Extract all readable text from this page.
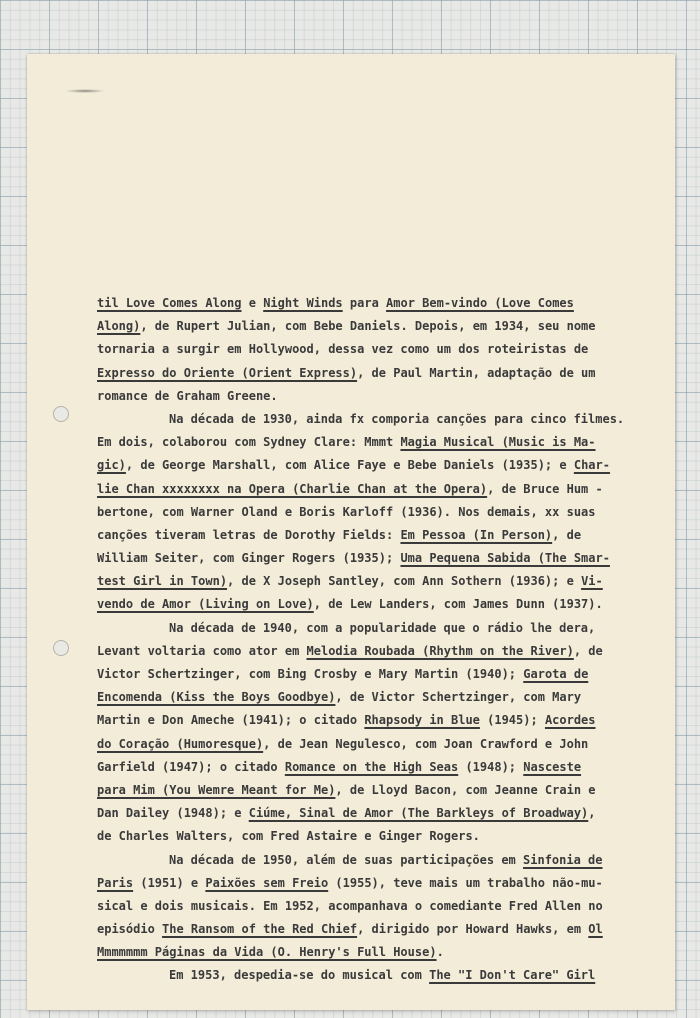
til Love Comes Along e Night Winds para Amor Bem-vindo (Love Comes
Along), de Rupert Julian, com Bebe Daniels. Depois, em 1934, seu nome
tornaria a surgir em Hollywood, dessa vez como um dos roteiristas de
Expresso do Oriente (Orient Express), de Paul Martin, adaptação de um
romance de Graham Greene.
Na década de 1930, ainda fx comporia canções para cinco filmes.
Em dois, colaborou com Sydney Clare: Mmmt Magia Musical (Music is Ma-
gic), de George Marshall, com Alice Faye e Bebe Daniels (1935); e Char-
lie Chan xxxxxxxx na Opera (Charlie Chan at the Opera), de Bruce Hum -
bertone, com Warner Oland e Boris Karloff (1936). Nos demais, xx suas
canções tiveram letras de Dorothy Fields: Em Pessoa (In Person), de
William Seiter, com Ginger Rogers (1935); Uma Pequena Sabida (The Smar-
test Girl in Town), de X Joseph Santley, com Ann Sothern (1936); e Vi-
vendo de Amor (Living on Love), de Lew Landers, com James Dunn (1937).
Na década de 1940, com a popularidade que o rádio lhe dera,
Levant voltaria como ator em Melodia Roubada (Rhythm on the River), de
Victor Schertzinger, com Bing Crosby e Mary Martin (1940); Garota de
Encomenda (Kiss the Boys Goodbye), de Victor Schertzinger, com Mary
Martin e Don Ameche (1941); o citado Rhapsody in Blue (1945); Acordes
do Coração (Humoresque), de Jean Negulesco, com Joan Crawford e John
Garfield (1947); o citado Romance on the High Seas (1948); Nasceste
para Mim (You Wemre Meant for Me), de Lloyd Bacon, com Jeanne Crain e
Dan Dailey (1948); e Ciúme, Sinal de Amor (The Barkleys of Broadway),
de Charles Walters, com Fred Astaire e Ginger Rogers.
Na década de 1950, além de suas participações em Sinfonia de
Paris (1951) e Paixões sem Freio (1955), teve mais um trabalho não-mu-
sical e dois musicais. Em 1952, acompanhava o comediante Fred Allen no
episódio The Ransom of the Red Chief, dirigido por Howard Hawks, em Ol
Mmmmmmm Páginas da Vida (O. Henry's Full House).
Em 1953, despedia-se do musical com The "I Don't Care" Girl
